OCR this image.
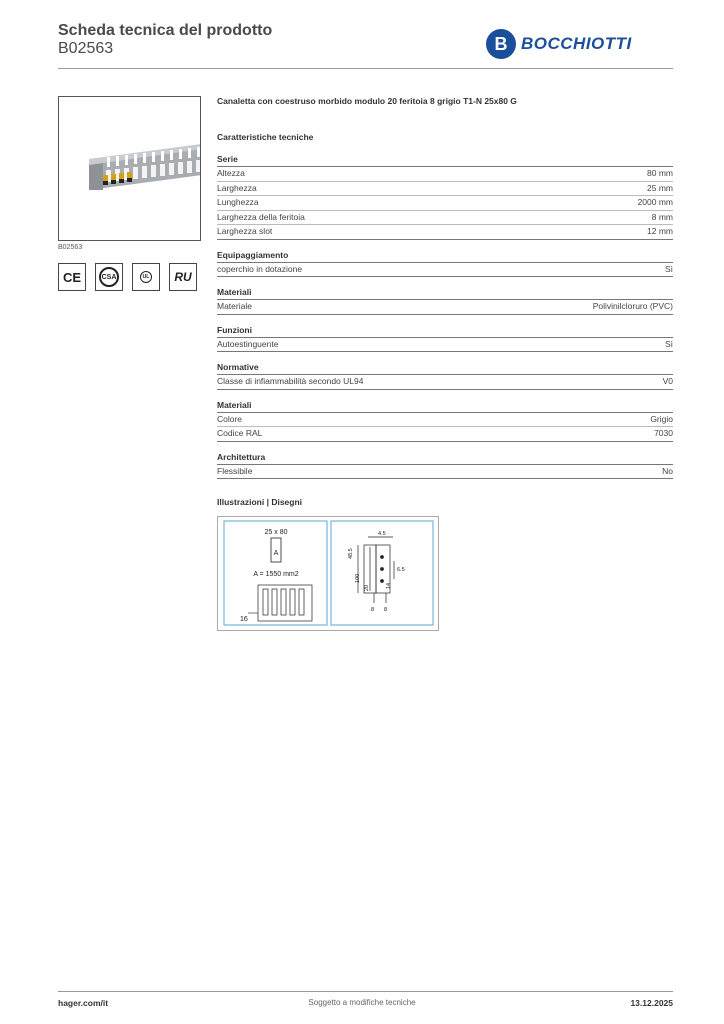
Scheda tecnica del prodotto
B02563	B BOCCHIOTTI
B02563
CE	CSA	UL	RU
Canaletta con coestruso morbido modulo 20 feritoia 8 grigio T1-N 25x80 G
Caratteristiche tecniche
Serie
Altezza	80 mm
Larghezza	25 mm
Lunghezza	2000 mm
Larghezza della feritoia	8 mm
Larghezza slot	12 mm
Equipaggiamento
coperchio in dotazione	Sì
Materiali
Materiale	Polivinilcloruro (PVC)
Funzioni
Autoestinguente	Sì
Normative
Classe di infiammabilità secondo UL94	V0
Materiali
Colore	Grigio
Codice RAL	7030
Architettura
Flessibile	No
Illustrazioni | Disegni
25 x 80
A
A = 1550 mm2
16
4.5
48.5
100
6.5
20	14
8 8
hager.com/it	Soggetto a modifiche tecniche	13.12.2025
